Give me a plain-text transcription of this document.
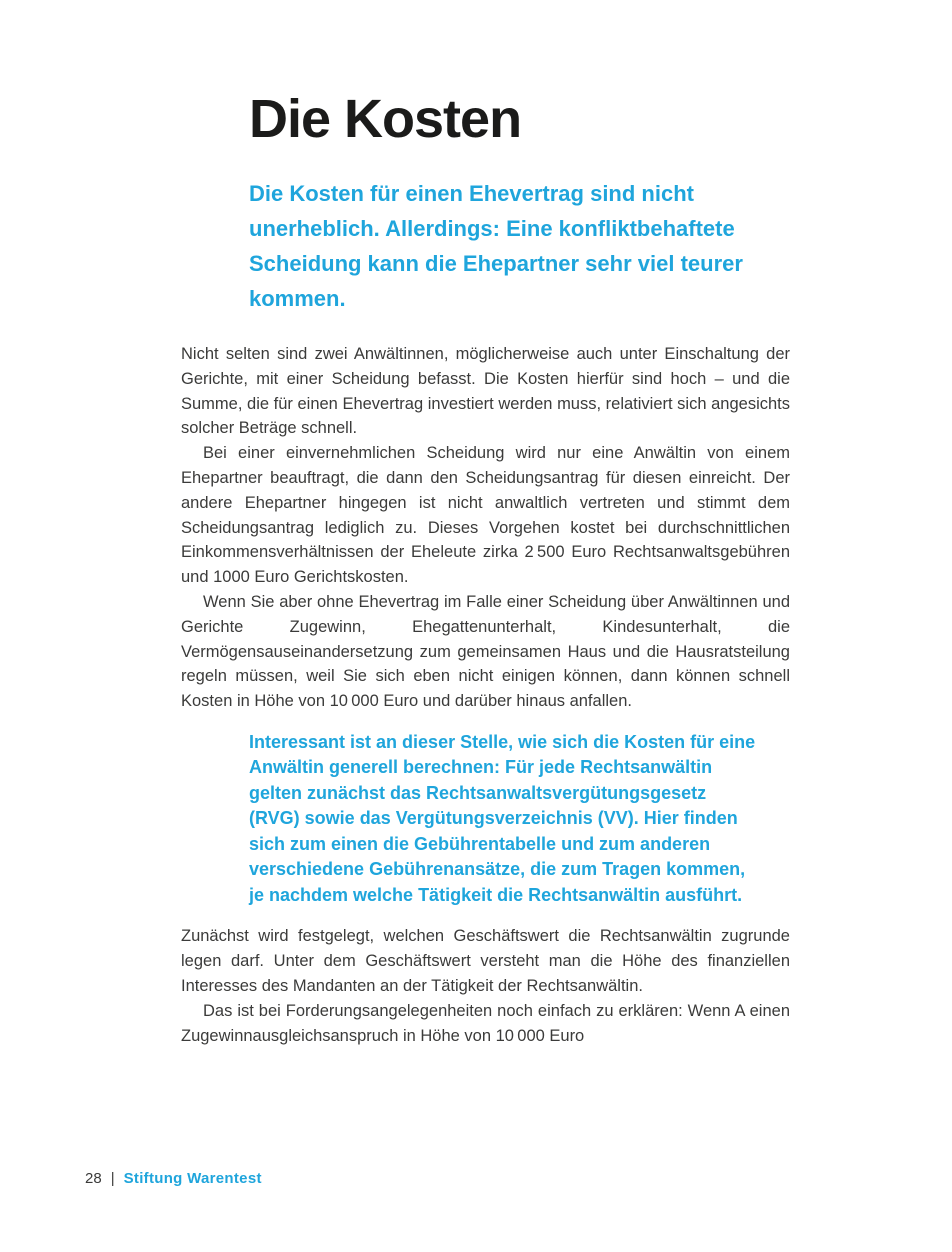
Die Kosten
Die Kosten für einen Ehevertrag sind nicht unerheblich. Allerdings: Eine konfliktbehaftete Scheidung kann die Ehepartner sehr viel teurer kommen.

Nicht selten sind zwei Anwältinnen, möglicherweise auch unter Einschaltung der Gerichte, mit einer Scheidung befasst. Die Kosten hierfür sind hoch – und die Summe, die für einen Ehevertrag investiert werden muss, relativiert sich angesichts solcher Beträge schnell.

Bei einer einvernehmlichen Scheidung wird nur eine Anwältin von einem Ehepartner beauftragt, die dann den Scheidungsantrag für diesen einreicht. Der andere Ehepartner hingegen ist nicht anwaltlich vertreten und stimmt dem Scheidungsantrag lediglich zu. Dieses Vorgehen kostet bei durchschnittlichen Einkommensverhältnissen der Eheleute zirka 2 500 Euro Rechtsanwaltsgebühren und 1000 Euro Gerichtskosten.

Wenn Sie aber ohne Ehevertrag im Falle einer Scheidung über Anwältinnen und Gerichte Zugewinn, Ehegattenunterhalt, Kindesunterhalt, die Vermögensauseinandersetzung zum gemeinsamen Haus und die Hausratsteilung regeln müssen, weil Sie sich eben nicht einigen können, dann können schnell Kosten in Höhe von 10 000 Euro und darüber hinaus anfallen.

Interessant ist an dieser Stelle, wie sich die Kosten für eine Anwältin generell berechnen: Für jede Rechtsanwältin gelten zunächst das Rechtsanwaltsvergütungsgesetz (RVG) sowie das Vergütungsverzeichnis (VV). Hier finden sich zum einen die Gebührentabelle und zum anderen verschiedene Gebührenansätze, die zum Tragen kommen, je nachdem welche Tätigkeit die Rechtsanwältin ausführt.

Zunächst wird festgelegt, welchen Geschäftswert die Rechtsanwältin zugrunde legen darf. Unter dem Geschäftswert versteht man die Höhe des finanziellen Interesses des Mandanten an der Tätigkeit der Rechtsanwältin.

Das ist bei Forderungsangelegenheiten noch einfach zu erklären: Wenn A einen Zugewinnausgleichsanspruch in Höhe von 10 000 Euro

28 | Stiftung Warentest
